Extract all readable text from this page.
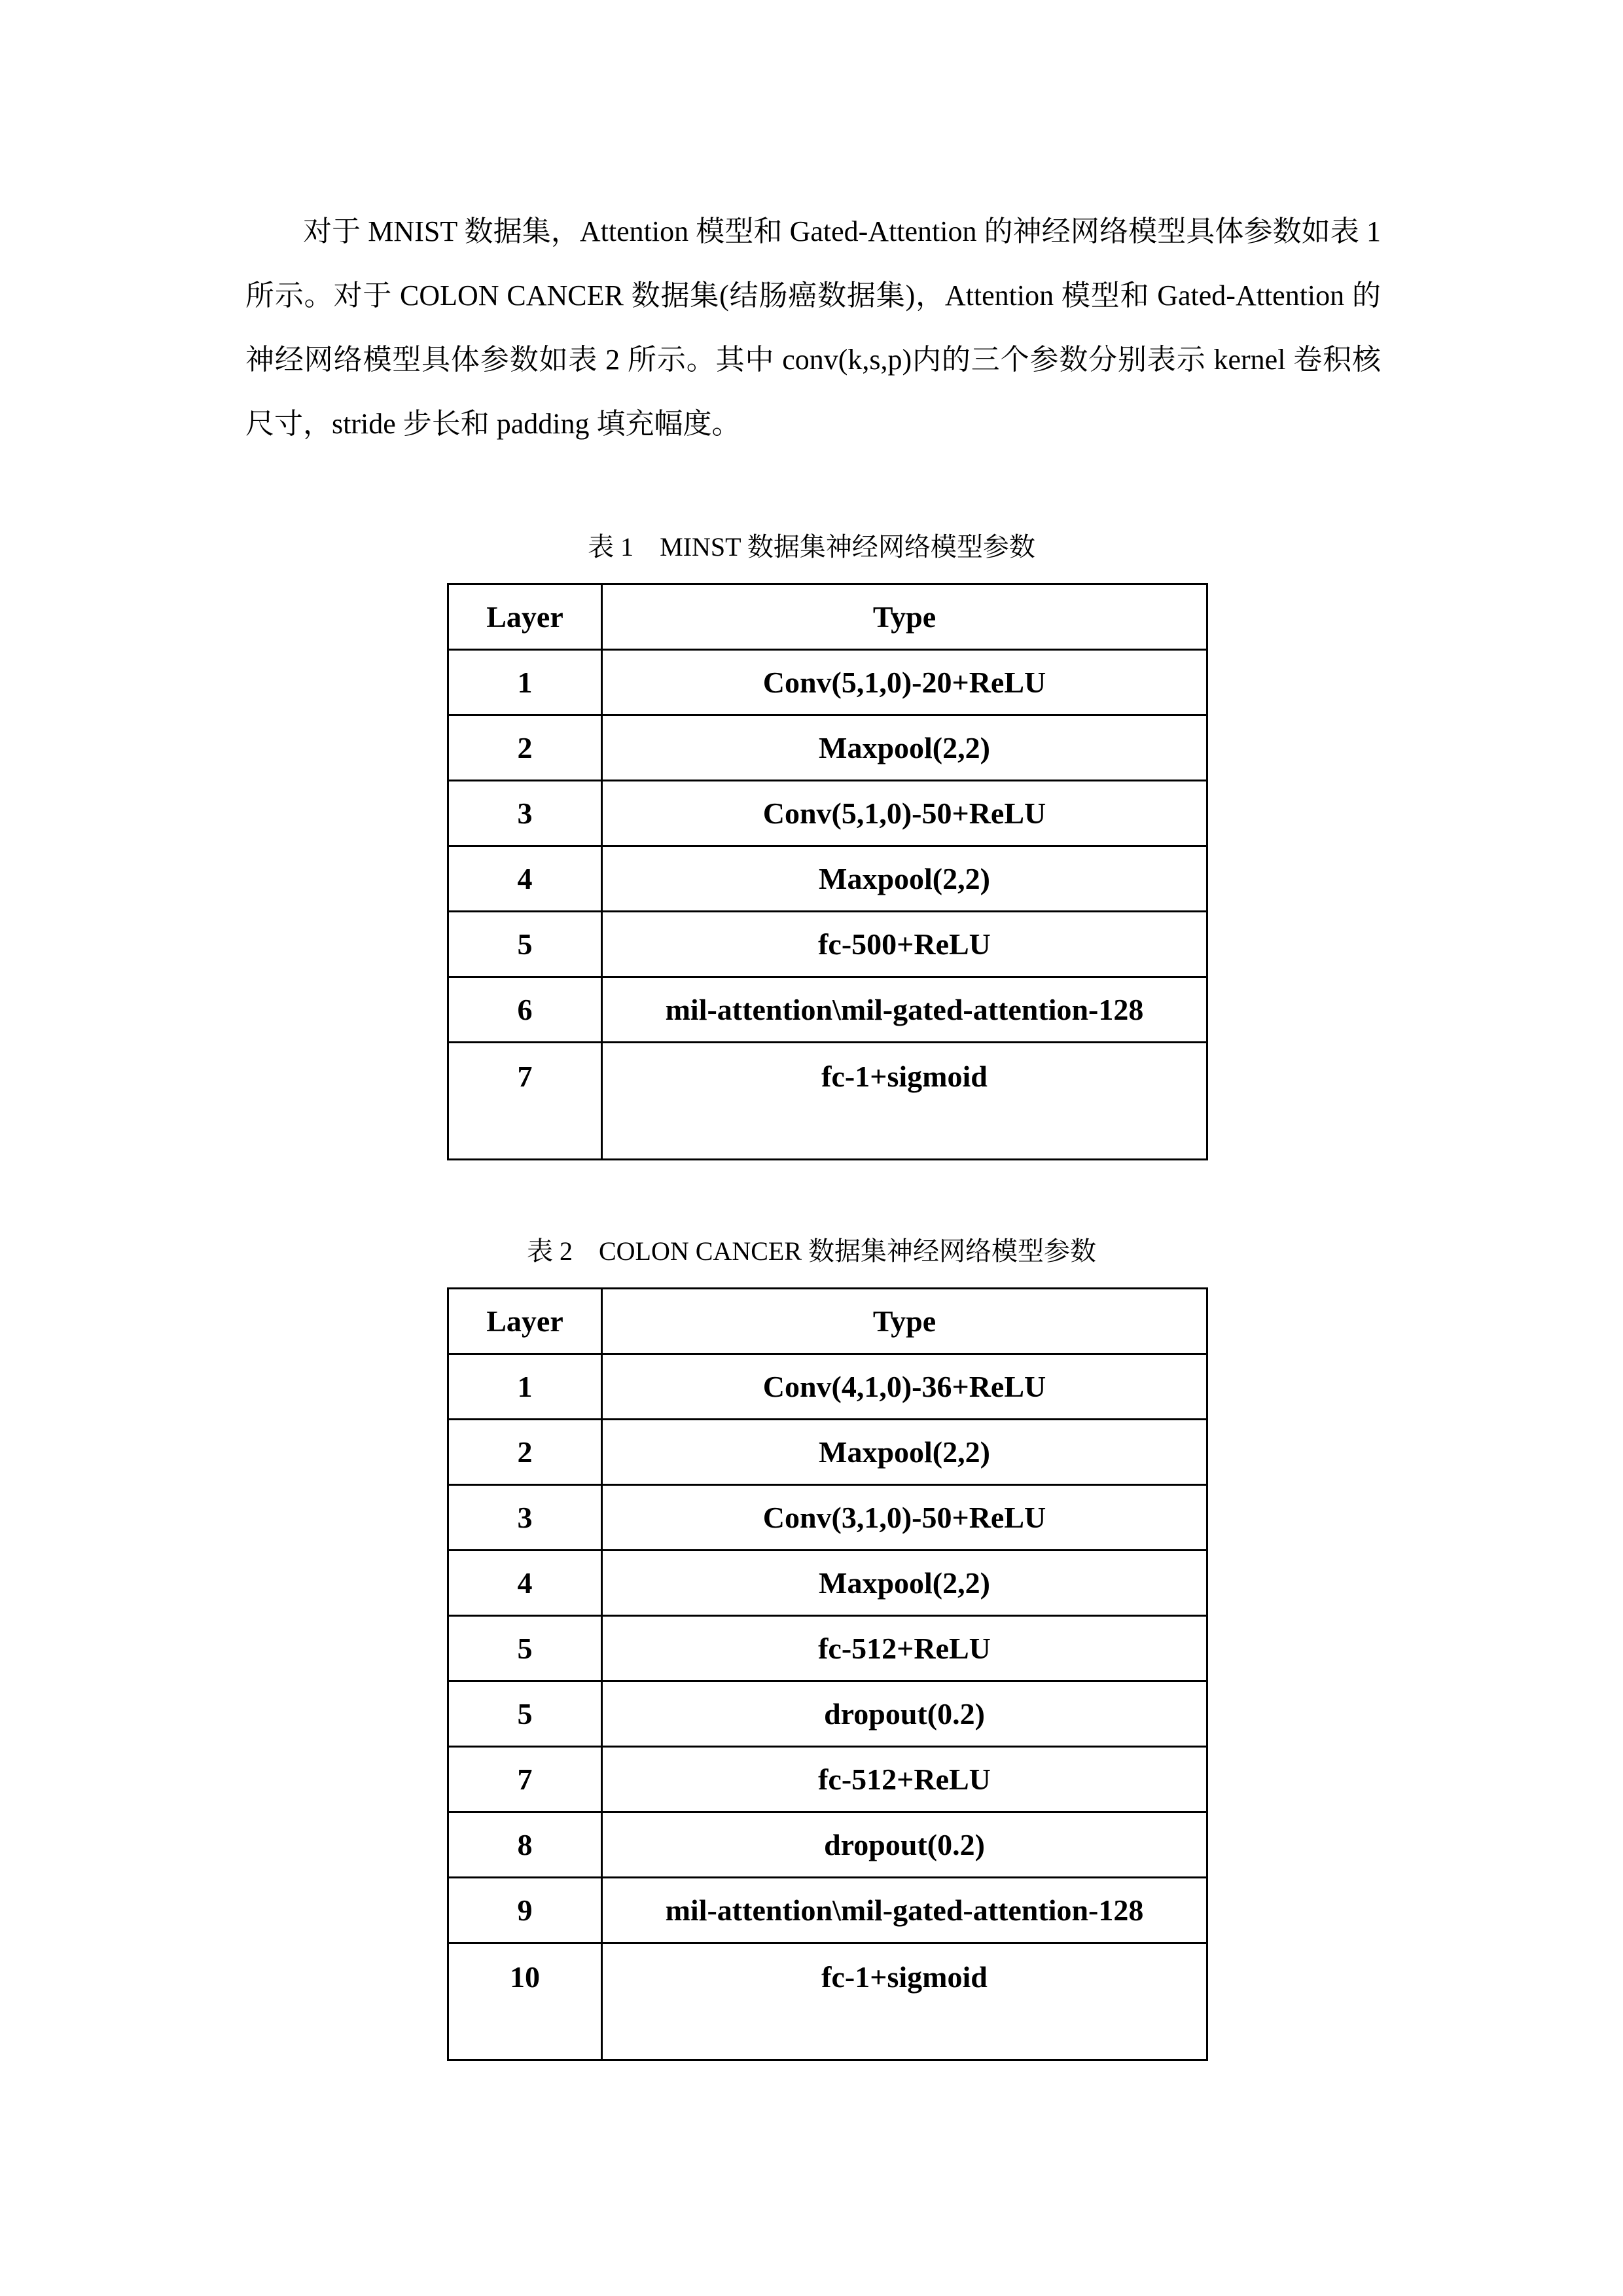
对于 MNIST 数据集，Attention 模型和 Gated-Attention 的神经网络模型具体参数如表 1 所示。对于 COLON CANCER 数据集(结肠癌数据集)，Attention 模型和 Gated-Attention 的神经网络模型具体参数如表 2 所示。其中 conv(k,s,p)内的三个参数分别表示 kernel 卷积核尺寸，stride 步长和 padding 填充幅度。

表 1    MINST 数据集神经网络模型参数
Layer	Type
1	Conv(5,1,0)-20+ReLU
2	Maxpool(2,2)
3	Conv(5,1,0)-50+ReLU
4	Maxpool(2,2)
5	fc-500+ReLU
6	mil-attention\mil-gated-attention-128
7	fc-1+sigmoid
表 2    COLON CANCER 数据集神经网络模型参数
Layer	Type
1	Conv(4,1,0)-36+ReLU
2	Maxpool(2,2)
3	Conv(3,1,0)-50+ReLU
4	Maxpool(2,2)
5	fc-512+ReLU
5	dropout(0.2)
7	fc-512+ReLU
8	dropout(0.2)
9	mil-attention\mil-gated-attention-128
10	fc-1+sigmoid
